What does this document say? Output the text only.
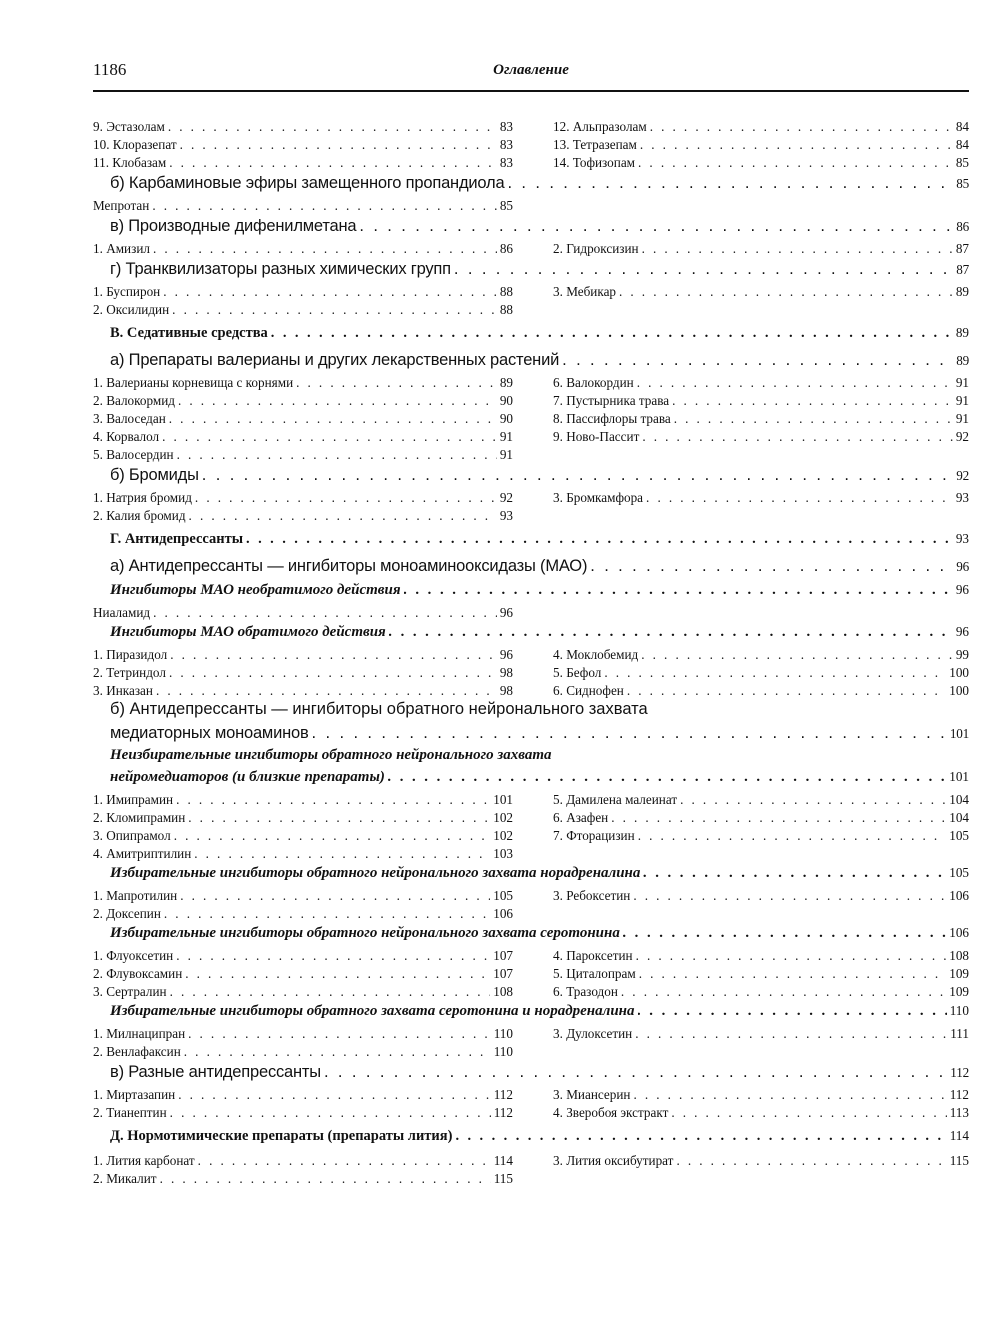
1186	Оглавление
9. Эстазолам . . .	83	12. Альпразолам . . .	84
10. Клоразепат . . .	83	13. Тетразепам . . .	84
11. Клобазам . . .	83	14. Тофизопам . . .	85
б) Карбаминовые эфиры замещенного пропандиола . . .	85
Мепротан . . .	85
в) Производные дифенилметана . . .	86
1. Амизил . . .	86	2. Гидроксизин . . .	87
г) Транквилизаторы разных химических групп . . .	87
1. Буспирон . . .	88	3. Мебикар . . .	89
2. Оксилидин . . .	88
В. Седативные средства . . .	89
а) Препараты валерианы и других лекарственных растений . . .	89
1. Валерианы корневища с корнями . . .	89	6. Валокордин . . .	91
2. Валокормид . . .	90	7. Пустырника трава . . .	91
3. Валоседан . . .	90	8. Пассифлоры трава . . .	91
4. Корвалол . . .	91	9. Ново-Пассит . . .	92
5. Валосердин . . .	91
б) Бромиды . . .	92
1. Натрия бромид . . .	92	3. Бромкамфора . . .	93
2. Калия бромид . . .	93
Г. Антидепрессанты . . .	93
а) Антидепрессанты — ингибиторы моноаминооксидазы (МАО) . . .	96
Ингибиторы МАО необратимого действия . . .	96
Ниаламид . . .	96
Ингибиторы МАО обратимого действия . . .	96
1. Пиразидол . . .	96	4. Моклобемид . . .	99
2. Тетриндол . . .	98	5. Бефол . . .	100
3. Инказан . . .	98	6. Сиднофен . . .	100
б) Антидепрессанты — ингибиторы обратного нейронального захвата
медиаторных моноаминов . . .	101
Неизбирательные ингибиторы обратного нейронального захвата
нейромедиаторов (и близкие препараты) . . .	101
1. Имипрамин . . .	101	5. Дамилена малеинат . . .	104
2. Кломипрамин . . .	102	6. Азафен . . .	104
3. Опипрамол . . .	102	7. Фторацизин . . .	105
4. Амитриптилин . . .	103
Избирательные ингибиторы обратного нейронального захвата норадреналина . . .	105
1. Мапротилин . . .	105	3. Ребоксетин . . .	106
2. Доксепин . . .	106
Избирательные ингибиторы обратного нейронального захвата серотонина . . .	106
1. Флуоксетин . . .	107	4. Пароксетин . . .	108
2. Флувоксамин . . .	107	5. Циталопрам . . .	109
3. Сертралин . . .	108	6. Тразодон . . .	109
Избирательные ингибиторы обратного захвата серотонина и норадреналина . . .	110
1. Милнаципран . . .	110	3. Дулоксетин . . .	111
2. Венлафаксин . . .	110
в) Разные антидепрессанты . . .	112
1. Миртазапин . . .	112	3. Миансерин . . .	112
2. Тианептин . . .	112	4. Зверобоя экстракт . . .	113
Д. Нормотимические препараты (препараты лития) . . .	114
1. Лития карбонат . . .	114	3. Лития оксибутират . . .	115
2. Микалит . . .	115
